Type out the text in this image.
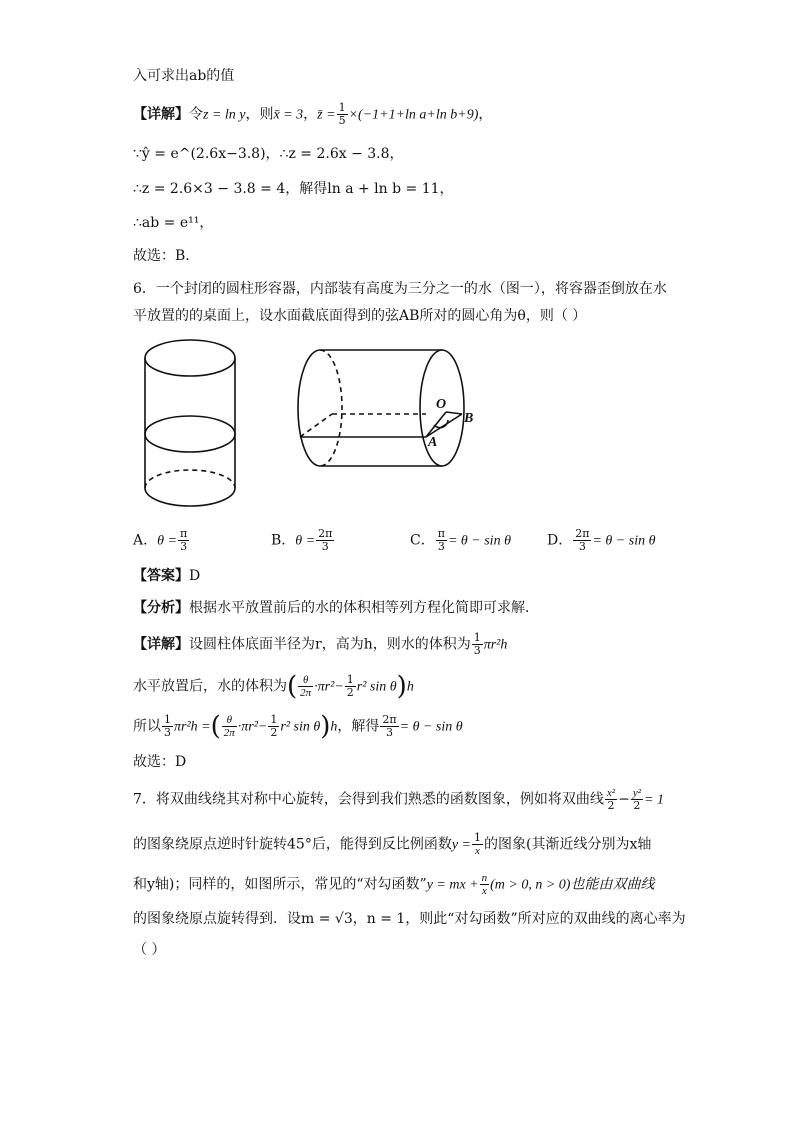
入可求出ab的值
【详解】令z = ln y，则x̄ = 3，z̄ = $\frac{1}{5} \times(-1+1+\ln$ a+ln b+9)，
∵ŷ = e^(2.6x−3.8)，∴z = 2.6x − 3.8，
∴z = 2.6×3 − 3.8 = 4，解得ln a + ln b = 11，
∴ab = e¹¹，
故选：B.
6．一个封闭的圆柱形容器，内部装有高度为三分之一的水（图一），将容器歪倒放在水
平放置的的桌面上，设水面截底面得到的弦AB所对的圆心角为θ，则（ ）
O
B
A
A．$\theta = \frac{\pi}{3}$	B．$\theta = \frac{2\pi}{3}$	C． $\frac{\pi}{3} = \theta - \sin \theta$	D． $\frac{2\pi}{3} = \theta - \sin \theta$
【答案】D
【分析】根据水平放置前后的水的体积相等列方程化简即可求解．
【详解】设圆柱体底面半径为r，高为h，则水的体积为 $\frac{1}{3} \pi r^2h$
水平放置后，水的体积为( $\frac{\theta}{2\pi} \cdot\pi r^2- \frac{1}{2} r^2$ sin θ)h
所以 $\frac{1}{3} \pi r^2h$ =( $\frac{\theta}{2\pi} \cdot\pi r^2- \frac{1}{2} r^2$ sin θ)h，解得 $\frac{2\pi}{3} = \theta - \sin \theta$
故选：D
7．将双曲线绕其对称中心旋转，会得到我们熟悉的函数图象，例如将双曲线 $\frac{\text{x²}}{2} - \frac{\text{y²}}{2} = 1$
的图象绕原点逆时针旋转45°后，能得到反比例函数$y = \frac{1}{x}$ 的图象(其渐近线分别为x轴
和y轴)；同样的，如图所示，常见的“对勾函数”y = mx + $\frac{n}{x} (m > 0$, n > 0)也能由双曲线
的图象绕原点旋转得到．设m = √3，n = 1，则此“对勾函数”所对应的双曲线的离心率为
（ ）
